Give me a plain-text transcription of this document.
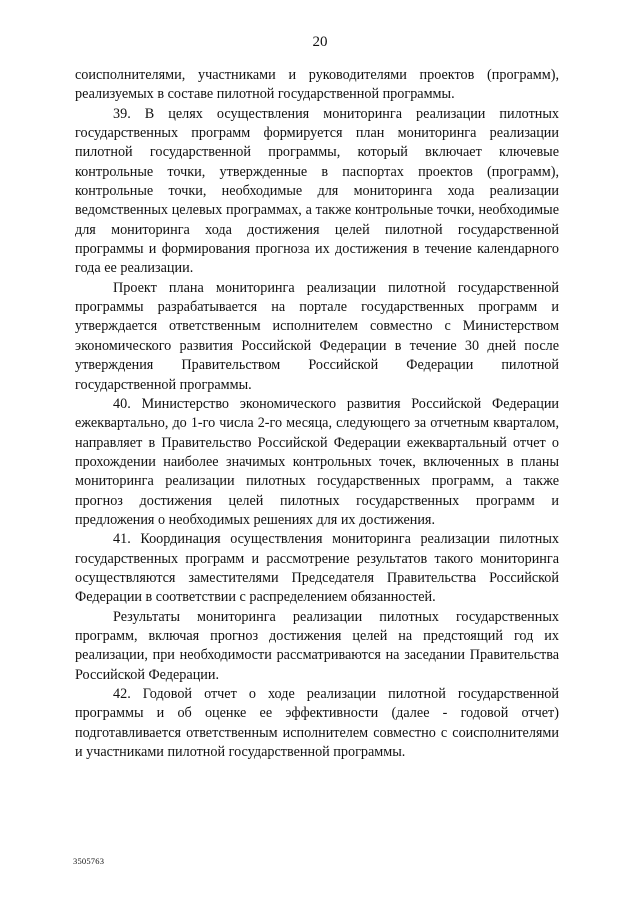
20

соисполнителями, участниками и руководителями проектов (программ), реализуемых в составе пилотной государственной программы.

39. В целях осуществления мониторинга реализации пилотных государственных программ формируется план мониторинга реализации пилотной государственной программы, который включает ключевые контрольные точки, утвержденные в паспортах проектов (программ), контрольные точки, необходимые для мониторинга хода реализации ведомственных целевых программах, а также контрольные точки, необходимые для мониторинга хода достижения целей пилотной государственной программы и формирования прогноза их достижения в течение календарного года ее реализации.

Проект плана мониторинга реализации пилотной государственной программы разрабатывается на портале государственных программ и утверждается ответственным исполнителем совместно с Министерством экономического развития Российской Федерации в течение 30 дней после утверждения Правительством Российской Федерации пилотной государственной программы.

40. Министерство экономического развития Российской Федерации ежеквартально, до 1-го числа 2-го месяца, следующего за отчетным кварталом, направляет в Правительство Российской Федерации ежеквартальный отчет о прохождении наиболее значимых контрольных точек, включенных в планы мониторинга реализации пилотных государственных программ, а также прогноз достижения целей пилотных государственных программ и предложения о необходимых решениях для их достижения.

41. Координация осуществления мониторинга реализации пилотных государственных программ и рассмотрение результатов такого мониторинга осуществляются заместителями Председателя Правительства Российской Федерации в соответствии с распределением обязанностей.

Результаты мониторинга реализации пилотных государственных программ, включая прогноз достижения целей на предстоящий год их реализации, при необходимости рассматриваются на заседании Правительства Российской Федерации.

42. Годовой отчет о ходе реализации пилотной государственной программы и об оценке ее эффективности (далее - годовой отчет) подготавливается ответственным исполнителем совместно с соисполнителями и участниками пилотной государственной программы.

3505763
